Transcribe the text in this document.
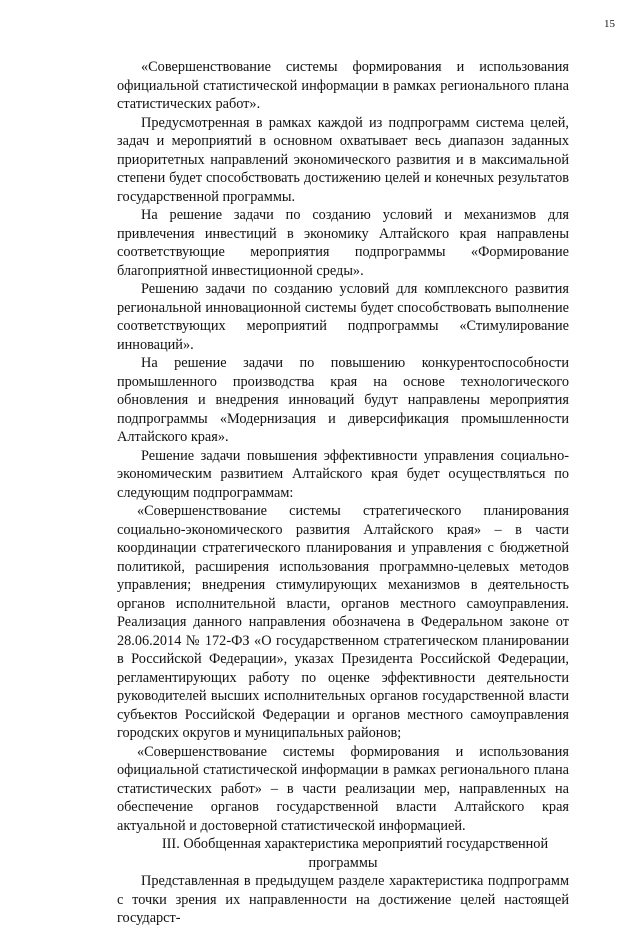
15

«Совершенствование системы формирования и использования официальной статистической информации в рамках регионального плана статистических работ».

Предусмотренная в рамках каждой из подпрограмм система целей, задач и мероприятий в основном охватывает весь диапазон заданных приоритетных направлений экономического развития и в максимальной степени будет способствовать достижению целей и конечных результатов государственной программы.

На решение задачи по созданию условий и механизмов для привлечения инвестиций в экономику Алтайского края направлены соответствующие мероприятия подпрограммы «Формирование благоприятной инвестиционной среды».

Решению задачи по созданию условий для комплексного развития региональной инновационной системы будет способствовать выполнение соответствующих мероприятий подпрограммы «Стимулирование инноваций».

На решение задачи по повышению конкурентоспособности промышленного производства края на основе технологического обновления и внедрения инноваций будут направлены мероприятия подпрограммы «Модернизация и диверсификация промышленности Алтайского края».

Решение задачи повышения эффективности управления социально-экономическим развитием Алтайского края будет осуществляться по следующим подпрограммам:

«Совершенствование системы стратегического планирования социально-экономического развития Алтайского края» – в части координации стратегического планирования и управления с бюджетной политикой, расширения использования программно-целевых методов управления; внедрения стимулирующих механизмов в деятельность органов исполнительной власти, органов местного самоуправления. Реализация данного направления обозначена в Федеральном законе от 28.06.2014 № 172-ФЗ «О государственном стратегическом планировании в Российской Федерации», указах Президента Российской Федерации, регламентирующих работу по оценке эффективности деятельности руководителей высших исполнительных органов государственной власти субъектов Российской Федерации и органов местного самоуправления городских округов и муниципальных районов;

«Совершенствование системы формирования и использования официальной статистической информации в рамках регионального плана статистических работ» – в части реализации мер, направленных на обеспечение органов государственной власти Алтайского края актуальной и достоверной статистической информацией.

III. Обобщенная характеристика мероприятий государственной программы

Представленная в предыдущем разделе характеристика подпрограмм с точки зрения их направленности на достижение целей настоящей государст-
